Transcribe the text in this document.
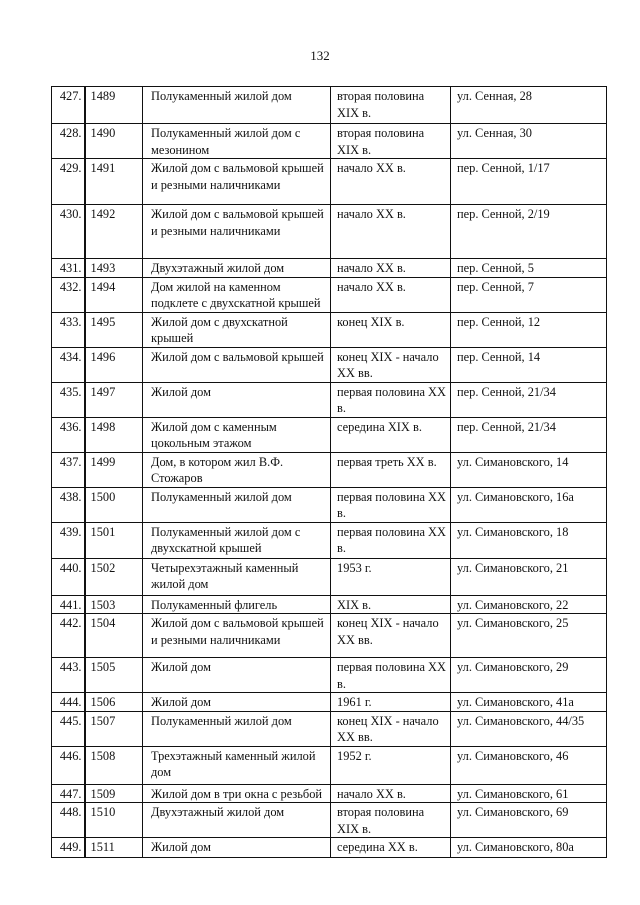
132
427.	1489	Полукаменный жилой дом	вторая половина XIX в.	ул. Сенная, 28
428.	1490	Полукаменный жилой дом с мезонином	вторая половина XIX в.	ул. Сенная, 30
429.	1491	Жилой дом с вальмовой крышей и резными наличниками	начало XX в.	пер. Сенной, 1/17
430.	1492	Жилой дом с вальмовой крышей и резными наличниками	начало XX в.	пер. Сенной, 2/19
431.	1493	Двухэтажный жилой дом	начало XX в.	пер. Сенной, 5
432.	1494	Дом жилой на каменном подклете с двухскатной крышей	начало XX в.	пер. Сенной, 7
433.	1495	Жилой дом с двухскатной крышей	конец XIX в.	пер. Сенной, 12
434.	1496	Жилой дом с вальмовой крышей	конец XIX - начало XX вв.	пер. Сенной, 14
435.	1497	Жилой дом	первая половина XX в.	пер. Сенной, 21/34
436.	1498	Жилой дом с каменным цокольным этажом	середина XIX в.	пер. Сенной, 21/34
437.	1499	Дом, в котором жил В.Ф. Стожаров	первая треть XX в.	ул. Симановского, 14
438.	1500	Полукаменный жилой дом	первая половина XX в.	ул. Симановского, 16а
439.	1501	Полукаменный жилой дом с двухскатной крышей	первая половина XX в.	ул. Симановского, 18
440.	1502	Четырехэтажный каменный жилой дом	1953 г.	ул. Симановского, 21
441.	1503	Полукаменный флигель	XIX в.	ул. Симановского, 22
442.	1504	Жилой дом с вальмовой крышей и резными наличниками	конец XIX - начало XX вв.	ул. Симановского, 25
443.	1505	Жилой дом	первая половина XX в.	ул. Симановского, 29
444.	1506	Жилой дом	1961 г.	ул. Симановского, 41а
445.	1507	Полукаменный жилой дом	конец XIX - начало XX вв.	ул. Симановского, 44/35
446.	1508	Трехэтажный каменный жилой дом	1952 г.	ул. Симановского, 46
447.	1509	Жилой дом в три окна с резьбой	начало XX в.	ул. Симановского, 61
448.	1510	Двухэтажный жилой дом	вторая половина XIX в.	ул. Симановского, 69
449.	1511	Жилой дом	середина XX в.	ул. Симановского, 80а
